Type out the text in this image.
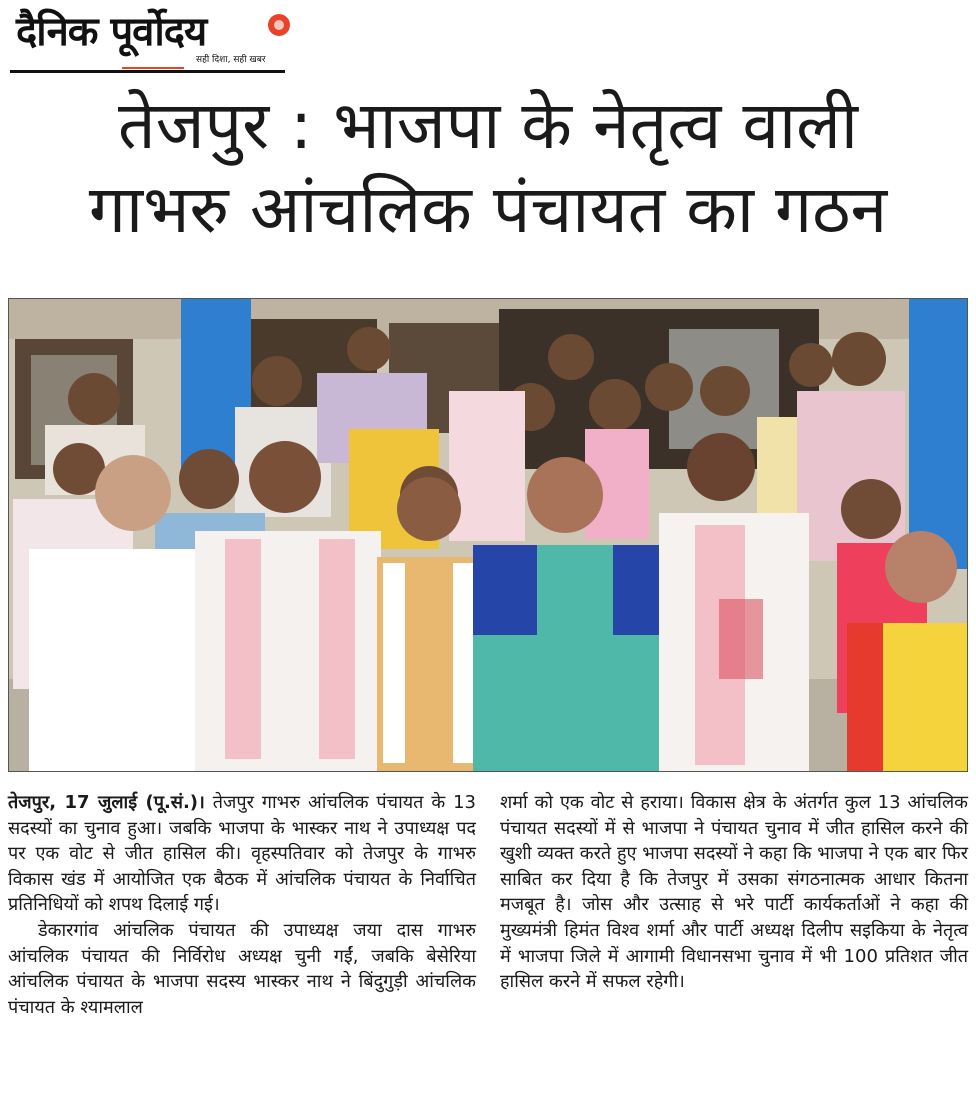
दैनिक पूर्वोदय
सही दिशा, सही खबर
तेजपुर : भाजपा के नेतृत्व वाली
गाभरु आंचलिक पंचायत का गठन

तेजपुर, 17 जुलाई (पू.सं.)। तेजपुर गाभरु आंचलिक पंचायत के 13 सदस्यों का चुनाव हुआ। जबकि भाजपा के भास्कर नाथ ने उपाध्यक्ष पद पर एक वोट से जीत हासिल की। वृहस्पतिवार को तेजपुर के गाभरु विकास खंड में आयोजित एक बैठक में आंचलिक पंचायत के निर्वाचित प्रतिनिधियों को शपथ दिलाई गई।

डेकारगांव आंचलिक पंचायत की उपाध्यक्ष जया दास गाभरु आंचलिक पंचायत की निर्विरोध अध्यक्ष चुनी गईं, जबकि बेसेरिया आंचलिक पंचायत के भाजपा सदस्य भास्कर नाथ ने बिंदुगुड़ी आंचलिक पंचायत के श्यामलाल

शर्मा को एक वोट से हराया। विकास क्षेत्र के अंतर्गत कुल 13 आंचलिक पंचायत सदस्यों में से भाजपा ने पंचायत चुनाव में जीत हासिल करने की खुशी व्यक्त करते हुए भाजपा सदस्यों ने कहा कि भाजपा ने एक बार फिर साबित कर दिया है कि तेजपुर में उसका संगठनात्मक आधार कितना मजबूत है। जोस और उत्साह से भरे पार्टी कार्यकर्ताओं ने कहा की मुख्यमंत्री हिमंत विश्व शर्मा और पार्टी अध्यक्ष दिलीप सइकिया के नेतृत्व में भाजपा जिले में आगामी विधानसभा चुनाव में भी 100 प्रतिशत जीत हासिल करने में सफल रहेगी।
